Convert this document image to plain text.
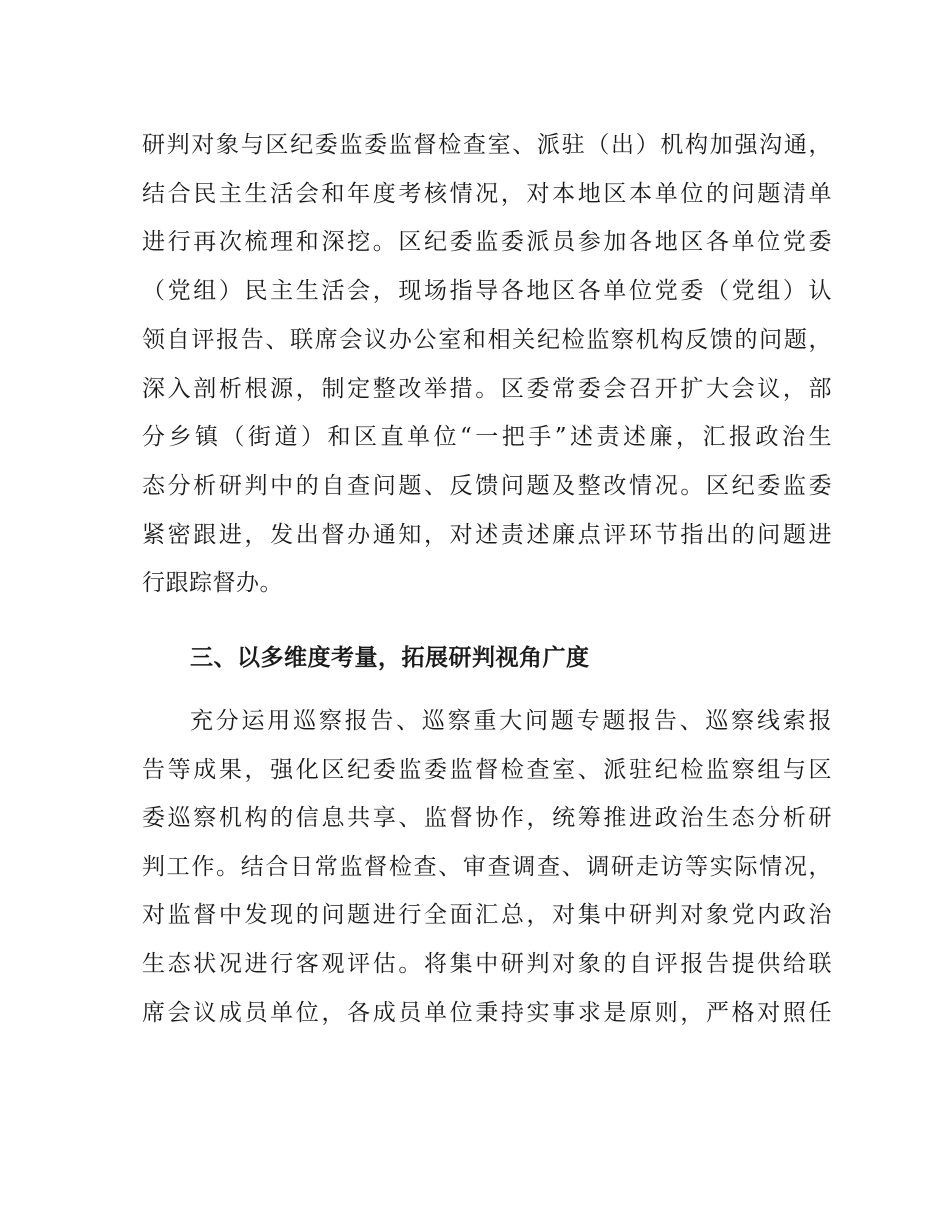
研判对象与区纪委监委监督检查室、派驻（出）机构加强沟通，
结合民主生活会和年度考核情况，对本地区本单位的问题清单
进行再次梳理和深挖。区纪委监委派员参加各地区各单位党委
（党组）民主生活会，现场指导各地区各单位党委（党组）认
领自评报告、联席会议办公室和相关纪检监察机构反馈的问题，
深入剖析根源，制定整改举措。区委常委会召开扩大会议，部
分乡镇（街道）和区直单位“一把手”述责述廉，汇报政治生
态分析研判中的自查问题、反馈问题及整改情况。区纪委监委
紧密跟进，发出督办通知，对述责述廉点评环节指出的问题进
行跟踪督办。
三、以多维度考量，拓展研判视角广度
充分运用巡察报告、巡察重大问题专题报告、巡察线索报
告等成果，强化区纪委监委监督检查室、派驻纪检监察组与区
委巡察机构的信息共享、监督协作，统筹推进政治生态分析研
判工作。结合日常监督检查、审查调查、调研走访等实际情况，
对监督中发现的问题进行全面汇总，对集中研判对象党内政治
生态状况进行客观评估。将集中研判对象的自评报告提供给联
席会议成员单位，各成员单位秉持实事求是原则，严格对照任
